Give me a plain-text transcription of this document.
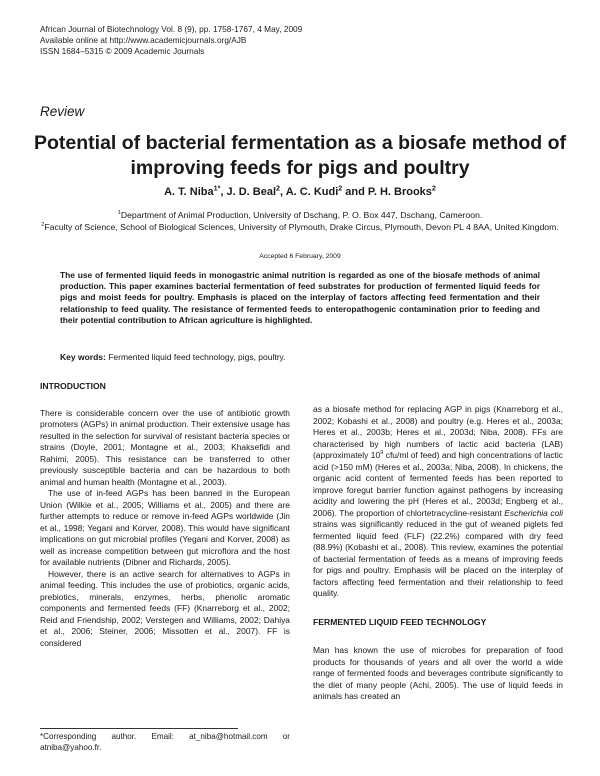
African Journal of Biotechnology Vol. 8 (9), pp. 1758-1767, 4 May, 2009
Available online at http://www.academicjournals.org/AJB
ISSN 1684–5315 © 2009 Academic Journals
Review
Potential of bacterial fermentation as a biosafe method of improving feeds for pigs and poultry
A. T. Niba$^{1*}$, J. D. Beal$^2$, A. C. Kudi$^2$ and P. H. Brooks$^2$
$^1$Department of Animal Production, University of Dschang, P. O. Box 447, Dschang, Cameroon.
$^2$Faculty of Science, School of Biological Sciences, University of Plymouth, Drake Circus, Plymouth, Devon PL 4 8AA, United Kingdom.
Accepted 6 February, 2009
The use of fermented liquid feeds in monogastric animal nutrition is regarded as one of the biosafe methods of animal production. This paper examines bacterial fermentation of feed substrates for production of fermented liquid feeds for pigs and moist feeds for poultry. Emphasis is placed on the interplay of factors affecting feed fermentation and their relationship to feed quality. The resistance of fermented feeds to enteropathogenic contamination prior to feeding and their potential contribution to African agriculture is highlighted.
Key words: Fermented liquid feed technology, pigs, poultry.
INTRODUCTION

There is considerable concern over the use of antibiotic growth promoters (AGPs) in animal production. Their extensive usage has resulted in the selection for survival of resistant bacteria species or strains (Doyle, 2001; Montagne et al., 2003; Khaksefidi and Rahimi, 2005). This resistance can be transferred to other previously susceptible bacteria and can be hazardous to both animal and human health (Montagne et al., 2003).

The use of in-feed AGPs has been banned in the European Union (Wilkie et al., 2005; Williams et al., 2005) and there are further attempts to reduce or remove in-feed AGPs worldwide (Jin et al., 1998; Yegani and Korver, 2008). This would have significant implications on gut microbial profiles (Yegani and Korver, 2008) as well as increase competition between gut microflora and the host for available nutrients (Dibner and Richards, 2005).

However, there is an active search for alternatives to AGPs in animal feeding. This includes the use of probiotics, organic acids, prebiotics, minerals, enzymes, herbs, phenolic aromatic components and fermented feeds (FF) (Knarreborg et al., 2002; Reid and Friendship, 2002; Verstegen and Williams, 2002; Dahiya et al., 2006; Steiner, 2006; Missotten et al., 2007). FF is considered

as a biosafe method for replacing AGP in pigs (Knarreborg et al., 2002; Kobashi et al., 2008) and poultry (e.g. Heres et al., 2003a; Heres et al., 2003b; Heres et al., 2003d; Niba, 2008). FFs are characterised by high numbers of lactic acid bacteria (LAB) (approximately $10^9$ cfu/ml of feed) and high concentrations of lactic acid (>150 mM) (Heres et al., 2003a; Niba, 2008). In chickens, the organic acid content of fermented feeds has been reported to improve foregut barrier function against pathogens by increasing acidity and lowering the pH (Heres et al., 2003d; Engberg et al., 2006). The proportion of chlortetracycline-resistant Escherichia coli strains was significantly reduced in the gut of weaned piglets fed fermented liquid feed (FLF) (22.2%) compared with dry feed (88.9%) (Kobashi et al., 2008). This review, examines the potential of bacterial fermentation of feeds as a means of improving feeds for pigs and poultry. Emphasis will be placed on the interplay of factors affecting feed fermentation and their relationship to feed quality.

FERMENTED LIQUID FEED TECHNOLOGY

Man has known the use of microbes for preparation of food products for thousands of years and all over the world a wide range of fermented foods and beverages contribute significantly to the diet of many people (Achi, 2005). The use of liquid feeds in animals has created an

*Corresponding author. Email: at_niba@hotmail.com or atniba@yahoo.fr.
